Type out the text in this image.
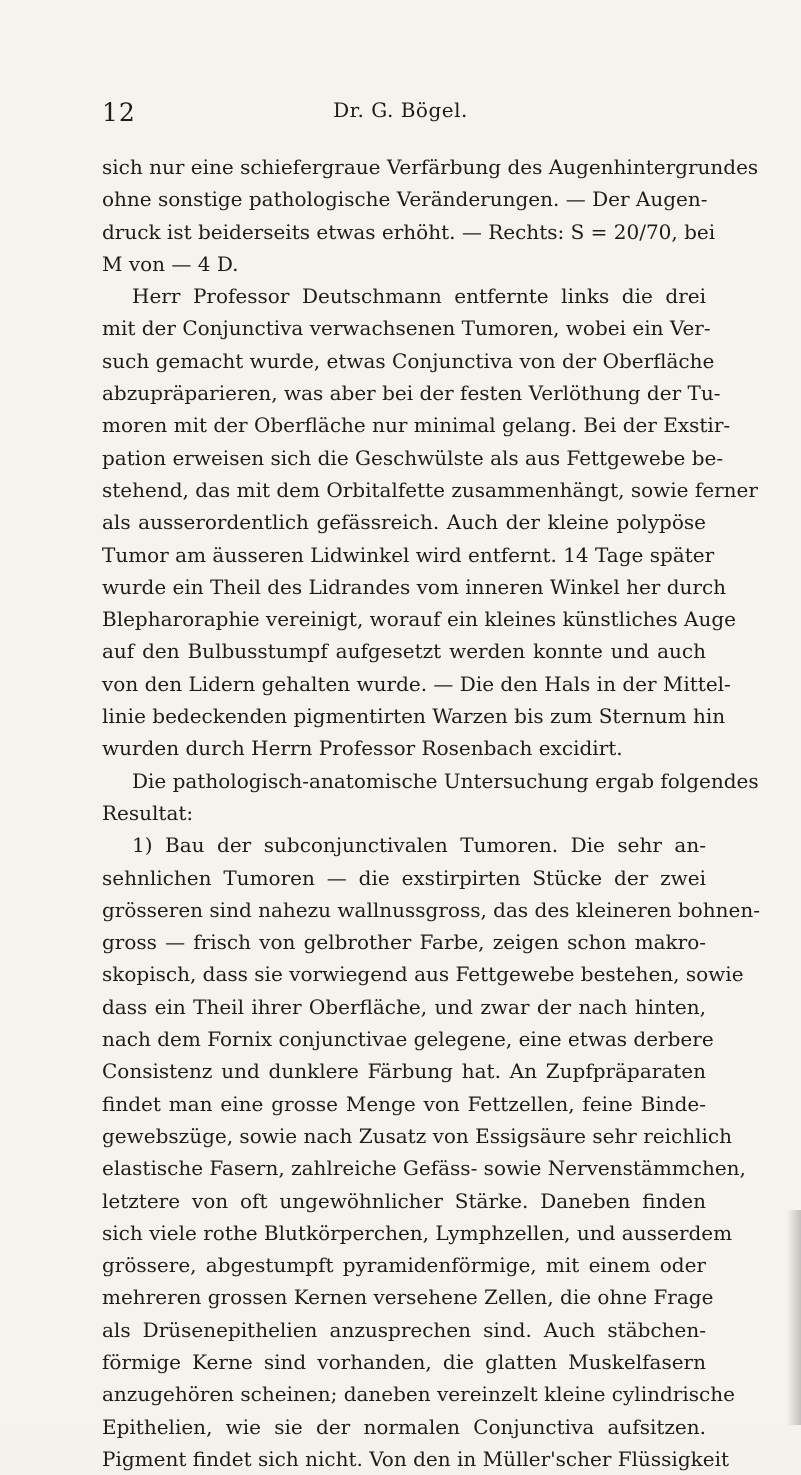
12	Dr. G. Bögel.
sich nur eine schiefergraue Verfärbung des Augenhintergrundes
ohne sonstige pathologische Veränderungen. — Der Augen-
druck ist beiderseits etwas erhöht. — Rechts: S = 20/70, bei
M von — 4 D.
Herr Professor Deutschmann entfernte links die drei
mit der Conjunctiva verwachsenen Tumoren, wobei ein Ver-
such gemacht wurde, etwas Conjunctiva von der Oberfläche
abzupräparieren, was aber bei der festen Verlöthung der Tu-
moren mit der Oberfläche nur minimal gelang. Bei der Exstir-
pation erweisen sich die Geschwülste als aus Fettgewebe be-
stehend, das mit dem Orbitalfette zusammenhängt, sowie ferner
als ausserordentlich gefässreich. Auch der kleine polypöse
Tumor am äusseren Lidwinkel wird entfernt. 14 Tage später
wurde ein Theil des Lidrandes vom inneren Winkel her durch
Blepharoraphie vereinigt, worauf ein kleines künstliches Auge
auf den Bulbusstumpf aufgesetzt werden konnte und auch
von den Lidern gehalten wurde. — Die den Hals in der Mittel-
linie bedeckenden pigmentirten Warzen bis zum Sternum hin
wurden durch Herrn Professor Rosenbach excidirt.
Die pathologisch-anatomische Untersuchung ergab folgendes
Resultat:
1) Bau der subconjunctivalen Tumoren. Die sehr an-
sehnlichen Tumoren — die exstirpirten Stücke der zwei
grösseren sind nahezu wallnussgross, das des kleineren bohnen-
gross — frisch von gelbrother Farbe, zeigen schon makro-
skopisch, dass sie vorwiegend aus Fettgewebe bestehen, sowie
dass ein Theil ihrer Oberfläche, und zwar der nach hinten,
nach dem Fornix conjunctivae gelegene, eine etwas derbere
Consistenz und dunklere Färbung hat. An Zupfpräparaten
findet man eine grosse Menge von Fettzellen, feine Binde-
gewebszüge, sowie nach Zusatz von Essigsäure sehr reichlich
elastische Fasern, zahlreiche Gefäss- sowie Nervenstämmchen,
letztere von oft ungewöhnlicher Stärke. Daneben finden
sich viele rothe Blutkörperchen, Lymphzellen, und ausserdem
grössere, abgestumpft pyramidenförmige, mit einem oder
mehreren grossen Kernen versehene Zellen, die ohne Frage
als Drüsenepithelien anzusprechen sind. Auch stäbchen-
förmige Kerne sind vorhanden, die glatten Muskelfasern
anzugehören scheinen; daneben vereinzelt kleine cylindrische
Epithelien, wie sie der normalen Conjunctiva aufsitzen.
Pigment findet sich nicht. Von den in Müller'scher Flüssigkeit
